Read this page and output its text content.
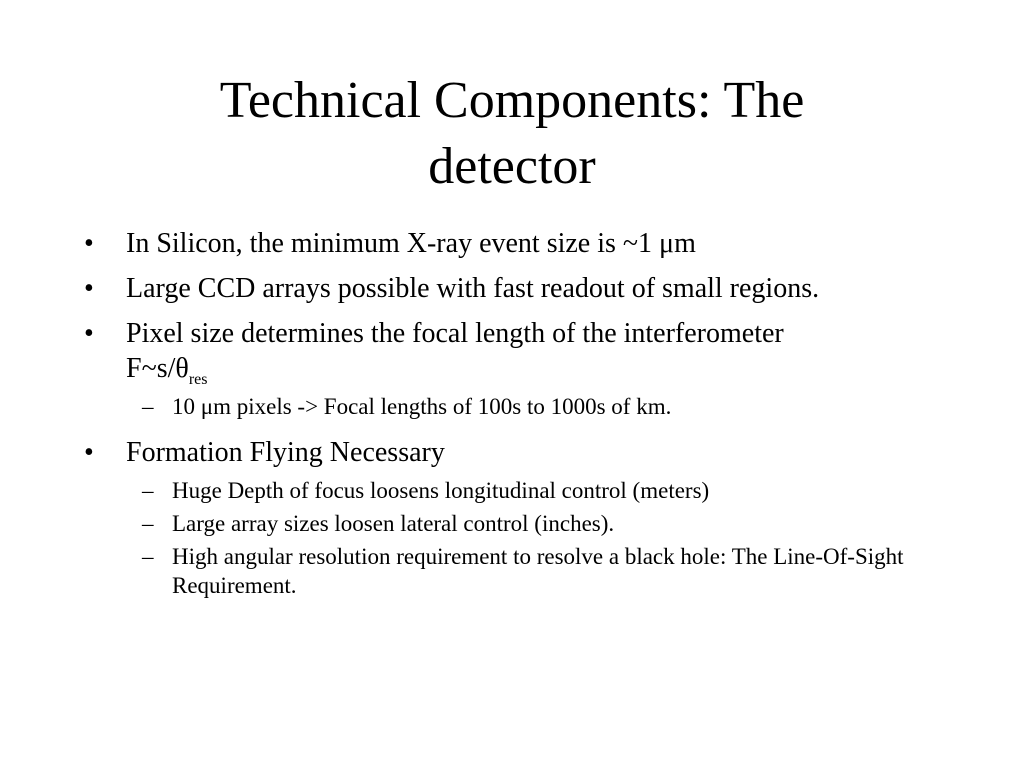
Technical Components: The detector
•	In Silicon, the minimum X-ray event size is ~1 μm
•	Large CCD arrays possible with fast readout of small regions.
•	Pixel size determines the focal length of the interferometer
$F\sim s/\theta_{res}$
– 10 μm pixels -> Focal lengths of 100s to 1000s of km.
•	Formation Flying Necessary
– Huge Depth of focus loosens longitudinal control (meters)
– Large array sizes loosen lateral control (inches).
– High angular resolution requirement to resolve a black hole: The Line-Of-Sight Requirement.
